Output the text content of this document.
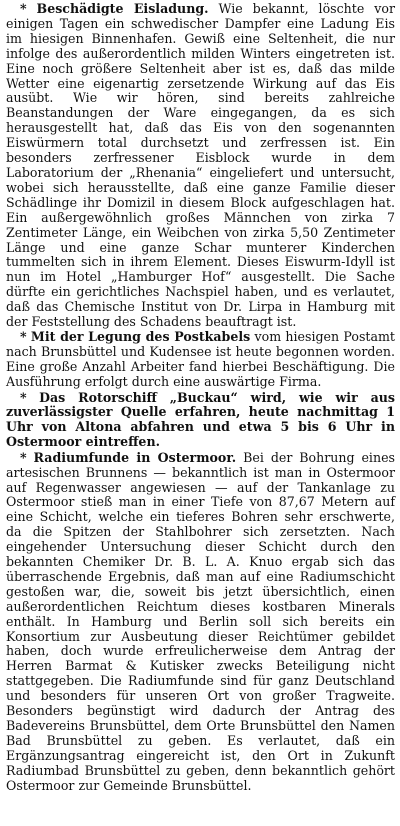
* Beschädigte Eisladung. Wie bekannt, löschte vor einigen Tagen ein schwedischer Dampfer eine Ladung Eis im hiesigen Binnenhafen. Gewiß eine Seltenheit, die nur infolge des außerordentlich milden Winters eingetreten ist. Eine noch größere Seltenheit aber ist es, daß das milde Wetter eine eigenartig zersetzende Wirkung auf das Eis ausübt. Wie wir hören, sind bereits zahlreiche Beanstandungen der Ware eingegangen, da es sich herausgestellt hat, daß das Eis von den sogenannten Eiswürmern total durchsetzt und zerfressen ist. Ein besonders zerfressener Eisblock wurde in dem Laboratorium der „Rhenania“ eingeliefert und untersucht, wobei sich herausstellte, daß eine ganze Familie dieser Schädlinge ihr Domizil in diesem Block aufgeschlagen hat. Ein außergewöhnlich großes Männchen von zirka 7 Zentimeter Länge, ein Weibchen von zirka 5,50 Zentimeter Länge und eine ganze Schar munterer Kinderchen tummelten sich in ihrem Element. Dieses Eiswurm-Idyll ist nun im Hotel „Hamburger Hof“ ausgestellt. Die Sache dürfte ein gerichtliches Nachspiel haben, und es verlautet, daß das Chemische Institut von Dr. Lirpa in Hamburg mit der Feststellung des Schadens beauftragt ist.

* Mit der Legung des Postkabels vom hiesigen Postamt nach Brunsbüttel und Kudensee ist heute begonnen worden. Eine große Anzahl Arbeiter fand hierbei Beschäftigung. Die Ausführung erfolgt durch eine auswärtige Firma.

* Das Rotorschiff „Buckau“ wird, wie wir aus zuverlässigster Quelle erfahren, heute nachmittag 1 Uhr von Altona abfahren und etwa 5 bis 6 Uhr in Ostermoor eintreffen.

* Radiumfunde in Ostermoor. Bei der Bohrung eines artesischen Brunnens — bekanntlich ist man in Ostermoor auf Regenwasser angewiesen — auf der Tankanlage zu Ostermoor stieß man in einer Tiefe von 87,67 Metern auf eine Schicht, welche ein tieferes Bohren sehr erschwerte, da die Spitzen der Stahlbohrer sich zersetzten. Nach eingehender Untersuchung dieser Schicht durch den bekannten Chemiker Dr. B. L. A. Knuo ergab sich das überraschende Ergebnis, daß man auf eine Radiumschicht gestoßen war, die, soweit bis jetzt übersichtlich, einen außerordentlichen Reichtum dieses kostbaren Minerals enthält. In Hamburg und Berlin soll sich bereits ein Konsortium zur Ausbeutung dieser Reichtümer gebildet haben, doch wurde erfreulicherweise dem Antrag der Herren Barmat & Kutisker zwecks Beteiligung nicht stattgegeben. Die Radiumfunde sind für ganz Deutschland und besonders für unseren Ort von großer Tragweite. Besonders begünstigt wird dadurch der Antrag des Badevereins Brunsbüttel, dem Orte Brunsbüttel den Namen Bad Brunsbüttel zu geben. Es verlautet, daß ein Ergänzungsantrag eingereicht ist, den Ort in Zukunft Radiumbad Brunsbüttel zu geben, denn bekanntlich gehört Ostermoor zur Gemeinde Brunsbüttel.
